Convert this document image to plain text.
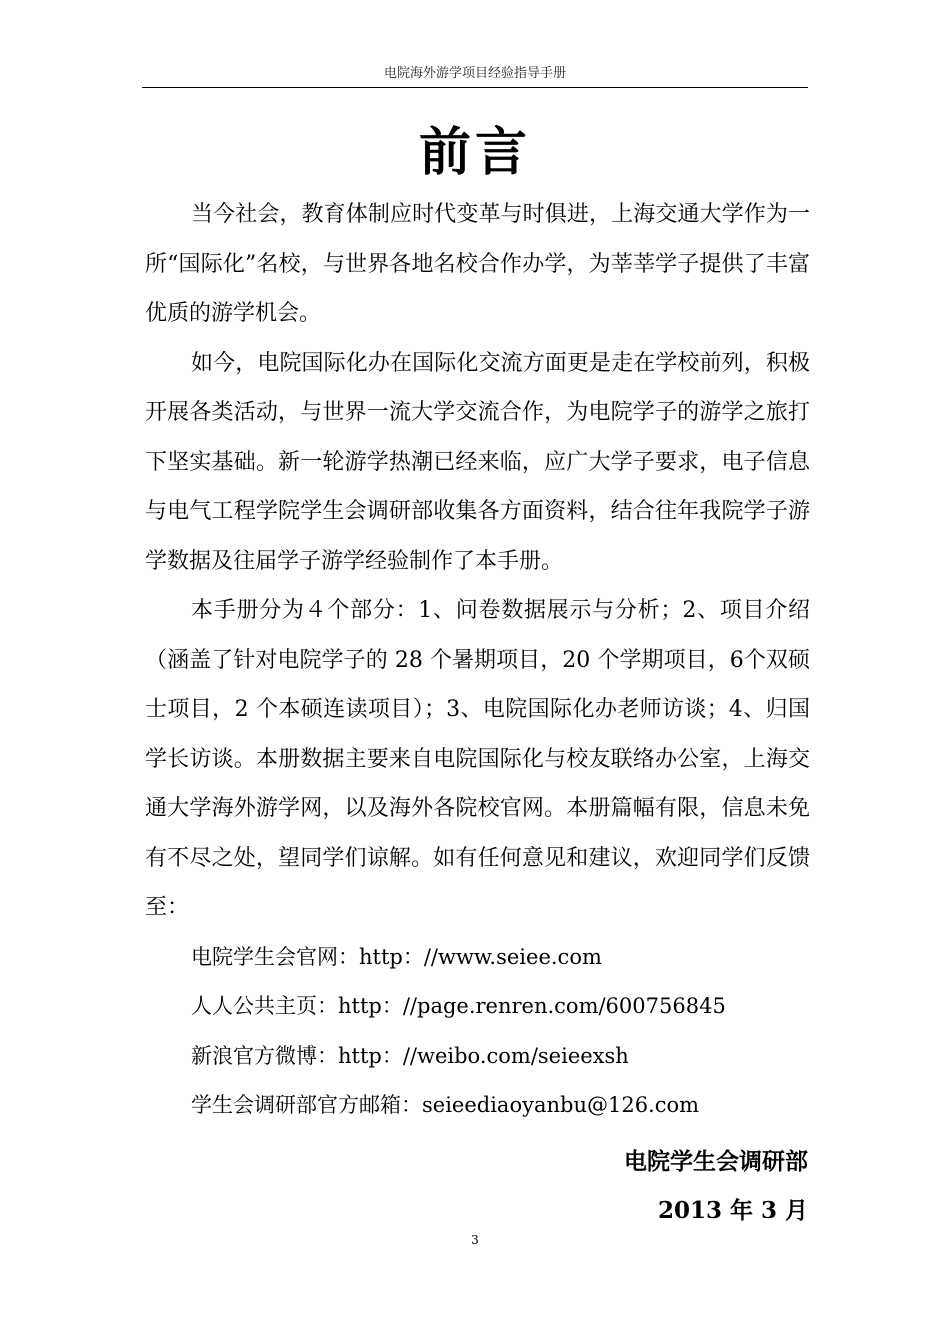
电院海外游学项目经验指导手册
前言

当今社会，教育体制应时代变革与时俱进，上海交通大学作为一所“国际化”名校，与世界各地名校合作办学，为莘莘学子提供了丰富优质的游学机会。

如今，电院国际化办在国际化交流方面更是走在学校前列，积极开展各类活动，与世界一流大学交流合作，为电院学子的游学之旅打下坚实基础。新一轮游学热潮已经来临，应广大学子要求，电子信息与电气工程学院学生会调研部收集各方面资料，结合往年我院学子游学数据及往届学子游学经验制作了本手册。

本手册分为４个部分：1、问卷数据展示与分析；2、项目介绍（涵盖了针对电院学子的 28 个暑期项目，20 个学期项目，6个双硕士项目，2 个本硕连读项目）；3、电院国际化办老师访谈；4、归国学长访谈。本册数据主要来自电院国际化与校友联络办公室，上海交通大学海外游学网，以及海外各院校官网。本册篇幅有限，信息未免有不尽之处，望同学们谅解。如有任何意见和建议，欢迎同学们反馈至：

电院学生会官网：http：//www.seiee.com

人人公共主页：http：//page.renren.com/600756845

新浪官方微博：http：//weibo.com/seieexsh

学生会调研部官方邮箱：seieediaoyanbu@126.com

电院学生会调研部
2013 年 3 月
3
